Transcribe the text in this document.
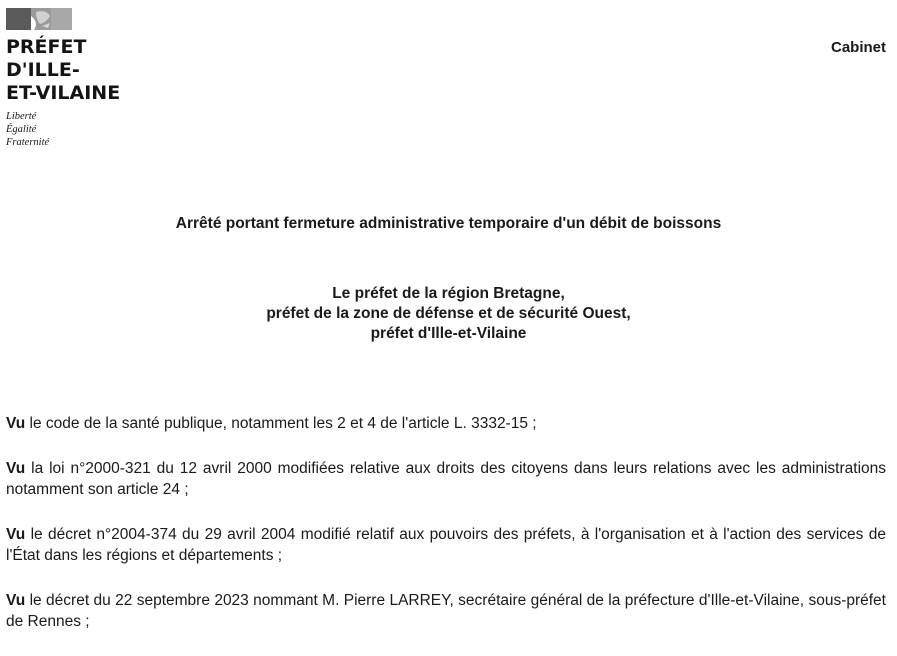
PRÉFET
D'ILLE-
ET-VILAINE
Liberté
Égalité
Fraternité
Cabinet
Arrêté portant fermeture administrative temporaire d'un débit de boissons
Le préfet de la région Bretagne,
préfet de la zone de défense et de sécurité Ouest,
préfet d'Ille-et-Vilaine

Vu le code de la santé publique, notamment les 2 et 4 de l'article L. 3332-15 ;

Vu la loi n°2000-321 du 12 avril 2000 modifiées relative aux droits des citoyens dans leurs relations avec les administrations notamment son article 24 ;

Vu le décret n°2004-374 du 29 avril 2004 modifié relatif aux pouvoirs des préfets, à l'organisation et à l'action des services de l'État dans les régions et départements ;

Vu le décret du 22 septembre 2023 nommant M. Pierre LARREY, secrétaire général de la préfecture d'Ille-et-Vilaine, sous-préfet de Rennes ;
